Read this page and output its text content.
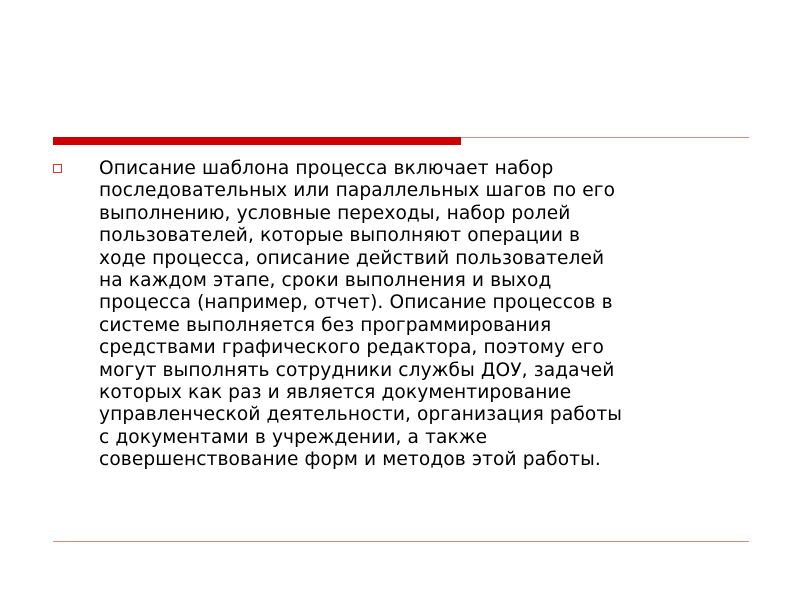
Описание шаблона процесса включает набор
последовательных или параллельных шагов по его
выполнению, условные переходы, набор ролей
пользователей, которые выполняют операции в
ходе процесса, описание действий пользователей
на каждом этапе, сроки выполнения и выход
процесса (например, отчет). Описание процессов в
системе выполняется без программирования
средствами графического редактора, поэтому его
могут выполнять сотрудники службы ДОУ, задачей
которых как раз и является документирование
управленческой деятельности, организация работы
с документами в учреждении, а также
совершенствование форм и методов этой работы.
